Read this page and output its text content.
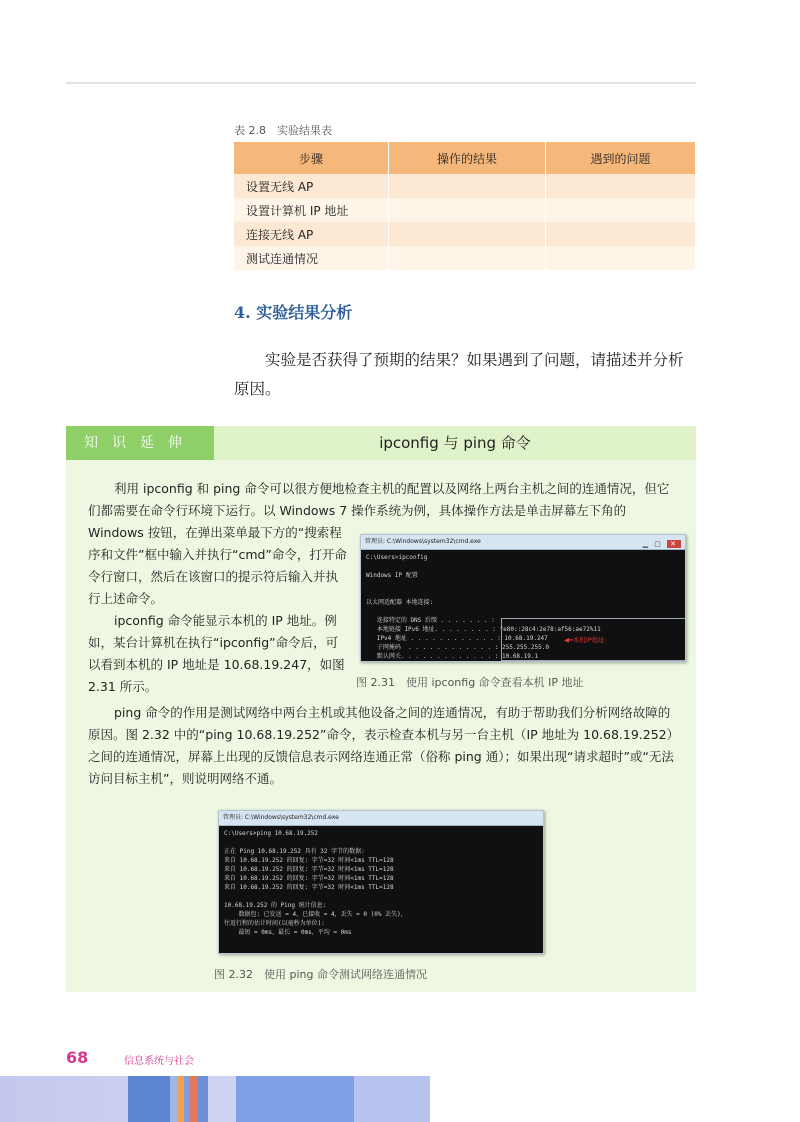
表 2.8　实验结果表
步骤	操作的结果	遇到的问题
设置无线 AP		
设置计算机 IP 地址		
连接无线 AP		
测试连通情况		
4. 实验结果分析
实验是否获得了预期的结果？如果遇到了问题，请描述并分析原因。
知识延伸	ipconfig 与 ping 命令
利用 ipconfig 和 ping 命令可以很方便地检查主机的配置以及网络上两台主机之间的连通情况，但它
们都需要在命令行环境下运行。以 Windows 7 操作系统为例，具体操作方法是单击屏幕左下角的
Windows 按钮，在弹出菜单最下方的“搜索程序和文件”框中输入并执行“cmd”命令，打开命令行窗口，然后在该窗口的提示符后输入并执行上述命令。
ipconfig 命令能显示本机的 IP 地址。例如，某台计算机在执行“ipconfig”命令后，可以看到本机的 IP 地址是 10.68.19.247，如图 2.31 所示。
ping 命令的作用是测试网络中两台主机或其他设备之间的连通情况，有助于帮助我们分析网络故障的原因。图 2.32 中的“ping 10.68.19.252”命令，表示检查本机与另一台主机（IP 地址为 10.68.19.252）之间的连通情况，屏幕上出现的反馈信息表示网络连通正常（俗称 ping 通）；如果出现“请求超时”或“无法访问目标主机”，则说明网络不通。
管理员: C:\Windows\system32\cmd.exe	▁ ▢ ✕
C:\Users>ipconfig

Windows IP 配置

以太网适配器 本地连接:

连接特定的 DNS 后缀 . . . . . . . :
本地链接 IPv6 地址. . . . . . . . : fe80::28c4:2e78:af56:ae72%11
IPv4 地址 . . . . . . . . . . . . : 10.68.19.247
子网掩码  . . . . . . . . . . . . : 255.255.255.0
默认网关. . . . . . . . . . . . . : 10.68.19.1
◀━本机IP地址
图 2.31　使用 ipconfig 命令查看本机 IP 地址
管理员: C:\Windows\system32\cmd.exe
C:\Users>ping 10.68.19.252

正在 Ping 10.68.19.252 具有 32 字节的数据:
来自 10.68.19.252 的回复: 字节=32 时间<1ms TTL=128
来自 10.68.19.252 的回复: 字节=32 时间<1ms TTL=128
来自 10.68.19.252 的回复: 字节=32 时间<1ms TTL=128
来自 10.68.19.252 的回复: 字节=32 时间<1ms TTL=128

10.68.19.252 的 Ping 统计信息:
数据包: 已发送 = 4，已接收 = 4，丢失 = 0 (0% 丢失)，
往返行程的估计时间(以毫秒为单位):
最短 = 0ms，最长 = 0ms，平均 = 0ms
图 2.32　使用 ping 命令测试网络连通情况
68	信息系统与社会
